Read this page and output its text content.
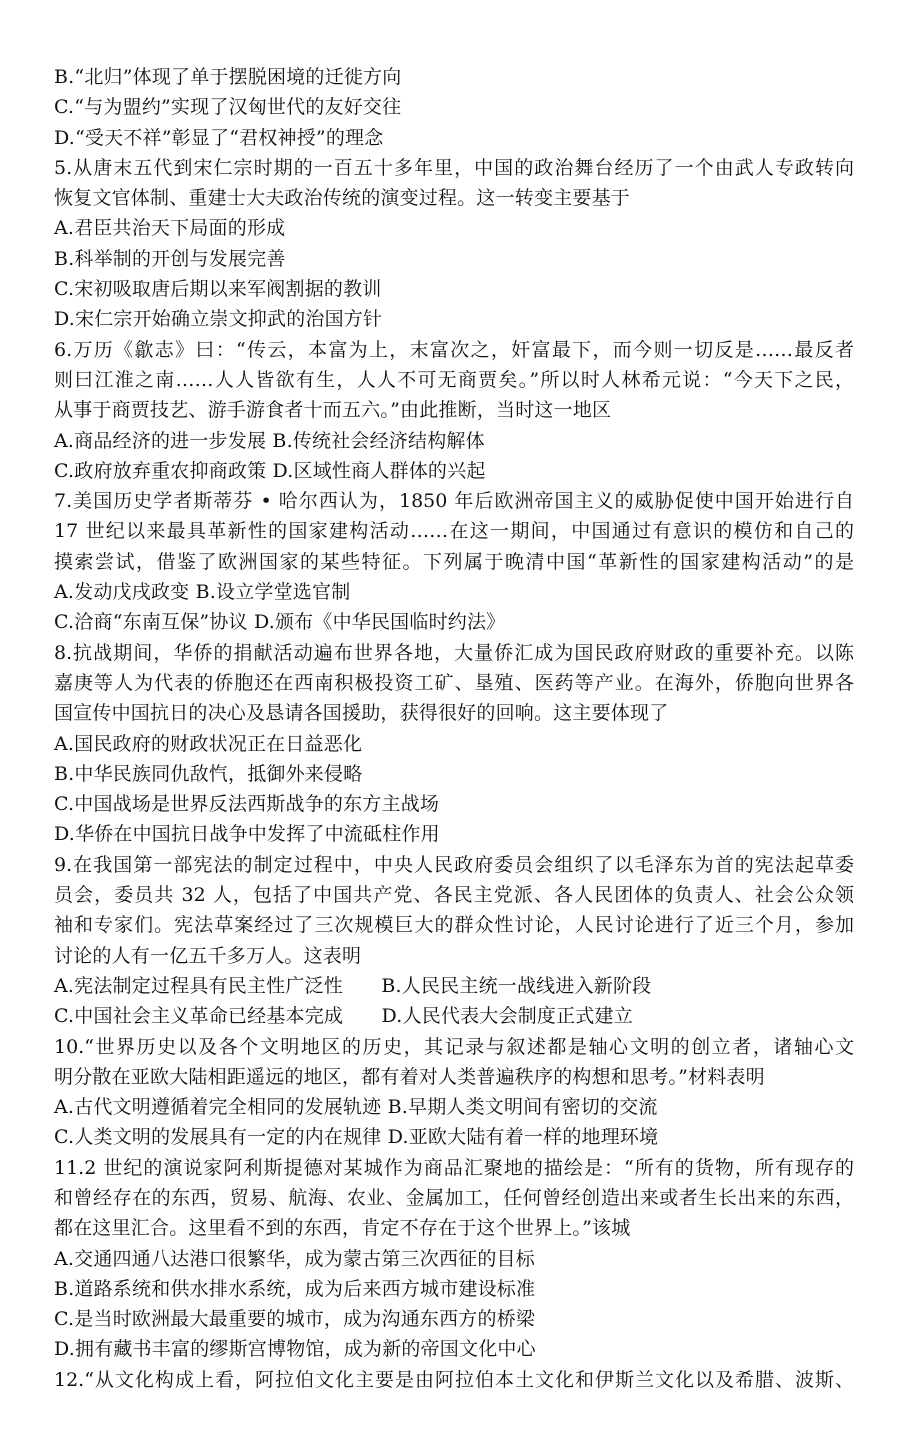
B.“北归”体现了单于摆脱困境的迁徙方向
C.“与为盟约”实现了汉匈世代的友好交往
D.“受天不祥”彰显了“君权神授”的理念
5.从唐末五代到宋仁宗时期的一百五十多年里，中国的政治舞台经历了一个由武人专政转向
恢复文官体制、重建士大夫政治传统的演变过程。这一转变主要基于
A.君臣共治天下局面的形成
B.科举制的开创与发展完善
C.宋初吸取唐后期以来军阀割据的教训
D.宋仁宗开始确立崇文抑武的治国方针
6.万历《歙志》曰：“传云，本富为上，末富次之，奸富最下，而今则一切反是……最反者
则曰江淮之南……人人皆欲有生，人人不可无商贾矣。”所以时人林希元说：“今天下之民，
从事于商贾技艺、游手游食者十而五六。”由此推断，当时这一地区
A.商品经济的进一步发展 B.传统社会经济结构解体
C.政府放弃重农抑商政策 D.区域性商人群体的兴起
7.美国历史学者斯蒂芬 • 哈尔西认为，1850 年后欧洲帝国主义的威胁促使中国开始进行自
17 世纪以来最具革新性的国家建构活动……在这一期间，中国通过有意识的模仿和自己的
摸索尝试，借鉴了欧洲国家的某些特征。下列属于晚清中国“革新性的国家建构活动”的是
A.发动戊戌政变 B.设立学堂选官制
C.洽商“东南互保”协议 D.颁布《中华民国临时约法》
8.抗战期间，华侨的捐献活动遍布世界各地，大量侨汇成为国民政府财政的重要补充。以陈
嘉庚等人为代表的侨胞还在西南积极投资工矿、垦殖、医药等产业。在海外，侨胞向世界各
国宣传中国抗日的决心及恳请各国援助，获得很好的回响。这主要体现了
A.国民政府的财政状况正在日益恶化
B.中华民族同仇敌忾，抵御外来侵略
C.中国战场是世界反法西斯战争的东方主战场
D.华侨在中国抗日战争中发挥了中流砥柱作用
9.在我国第一部宪法的制定过程中，中央人民政府委员会组织了以毛泽东为首的宪法起草委
员会，委员共 32 人，包括了中国共产党、各民主党派、各人民团体的负责人、社会公众领
袖和专家们。宪法草案经过了三次规模巨大的群众性讨论，人民讨论进行了近三个月，参加
讨论的人有一亿五千多万人。这表明
A.宪法制定过程具有民主性广泛性　　B.人民民主统一战线进入新阶段
C.中国社会主义革命已经基本完成　　D.人民代表大会制度正式建立
10.“世界历史以及各个文明地区的历史，其记录与叙述都是轴心文明的创立者，诸轴心文
明分散在亚欧大陆相距遥远的地区，都有着对人类普遍秩序的构想和思考。”材料表明
A.古代文明遵循着完全相同的发展轨迹 B.早期人类文明间有密切的交流
C.人类文明的发展具有一定的内在规律 D.亚欧大陆有着一样的地理环境
11.2 世纪的演说家阿利斯提德对某城作为商品汇聚地的描绘是：“所有的货物，所有现存的
和曾经存在的东西，贸易、航海、农业、金属加工，任何曾经创造出来或者生长出来的东西，
都在这里汇合。这里看不到的东西，肯定不存在于这个世界上。”该城
A.交通四通八达港口很繁华，成为蒙古第三次西征的目标
B.道路系统和供水排水系统，成为后来西方城市建设标准
C.是当时欧洲最大最重要的城市，成为沟通东西方的桥梁
D.拥有藏书丰富的缪斯宫博物馆，成为新的帝国文化中心
12.“从文化构成上看，阿拉伯文化主要是由阿拉伯本土文化和伊斯兰文化以及希腊、波斯、
